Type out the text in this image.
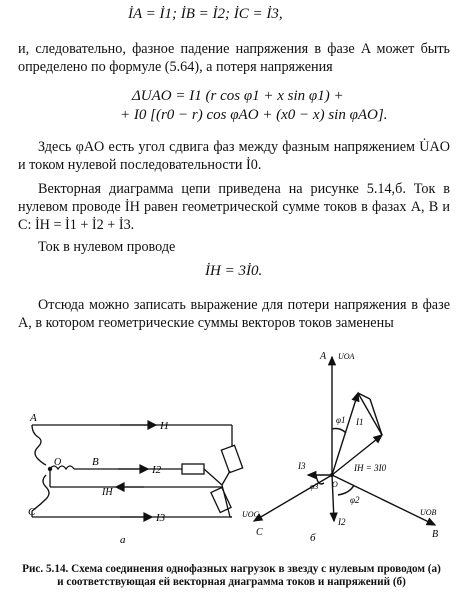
İA = İ1; İB = İ2; İC = İ3,
и, следовательно, фазное падение напряжения в фазе A может быть определено по формуле (5.64), а потеря напряжения
ΔUAO = I1 (r cos φ1 + x sin φ1) +
+ I0 [(r0 − r) cos φAO + (x0 − x) sin φAO].
Здесь φAO есть угол сдвига фаз между фазным напряжением U̇AO и током нулевой последовательности İ0.
Векторная диаграмма цепи приведена на рисунке 5.14,б. Ток в нулевом проводе İН равен геометрической сумме токов в фазах A, B и C: İН = İ1 + İ2 + İ3.
Ток в нулевом проводе
İН = 3İ0.
Отсюда можно записать выражение для потери напряжения в фазе A, в котором геометрические суммы векторов токов заменены
A
B
C
O
I1
I2
IН
I3
а
A UOA
φ1 I1
IН = 3I0
I3
φ3 O
φ2
I2
UOC
C
UOB
B
б
Рис. 5.14. Схема соединения однофазных нагрузок в звезду с нулевым проводом (а)
и соответствующая ей векторная диаграмма токов и напряжений (б)
